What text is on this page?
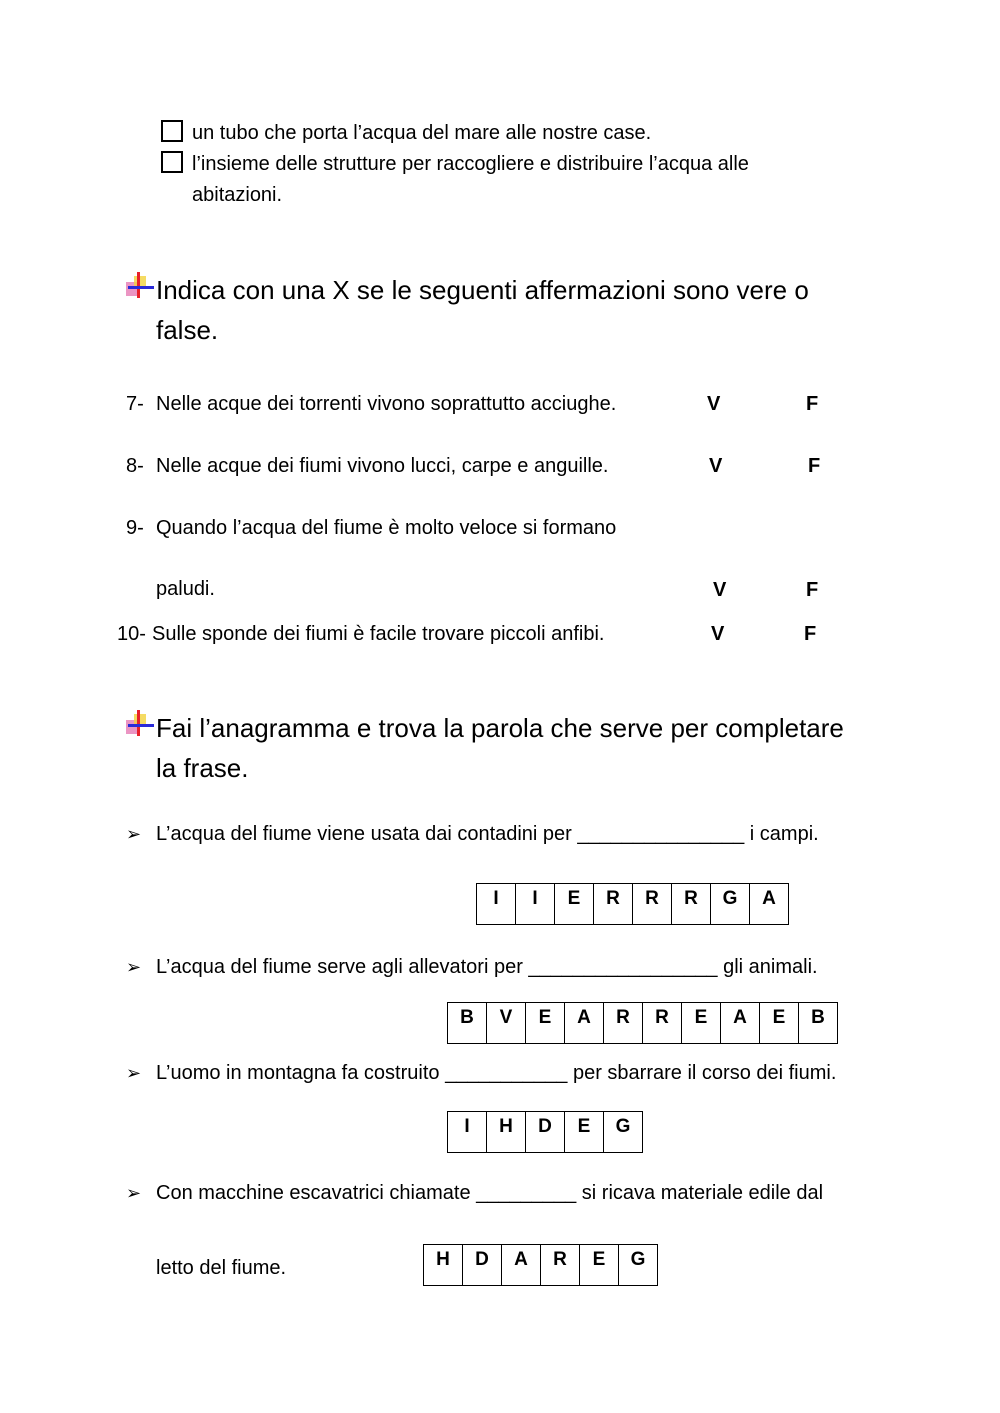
un tubo che porta l’acqua del mare alle nostre case.
l’insieme delle strutture per raccogliere e distribuire l’acqua alle
abitazioni.
Indica con una X se le seguenti affermazioni sono vere o
false.
7- Nelle acque dei torrenti vivono soprattutto acciughe.	V	F
8- Nelle acque dei fiumi vivono lucci, carpe e anguille.	V	F
9- Quando l’acqua del fiume è molto veloce si formano
paludi.	V	F
10- Sulle sponde dei fiumi è facile trovare piccoli anfibi.	V	F
Fai l’anagramma e trova la parola che serve per completare
la frase.
➢ L’acqua del fiume viene usata dai contadini per _______________ i campi.
I	I	E	R	R	R	G	A
➢ L’acqua del fiume serve agli allevatori per _________________ gli animali.
B	V	E	A	R	R	E	A	E	B
➢ L’uomo in montagna fa costruito ___________ per sbarrare il corso dei fiumi.
I	H	D	E	G
➢ Con macchine escavatrici chiamate _________ si ricava materiale edile dal
letto del fiume.	H	D	A	R	E	G
